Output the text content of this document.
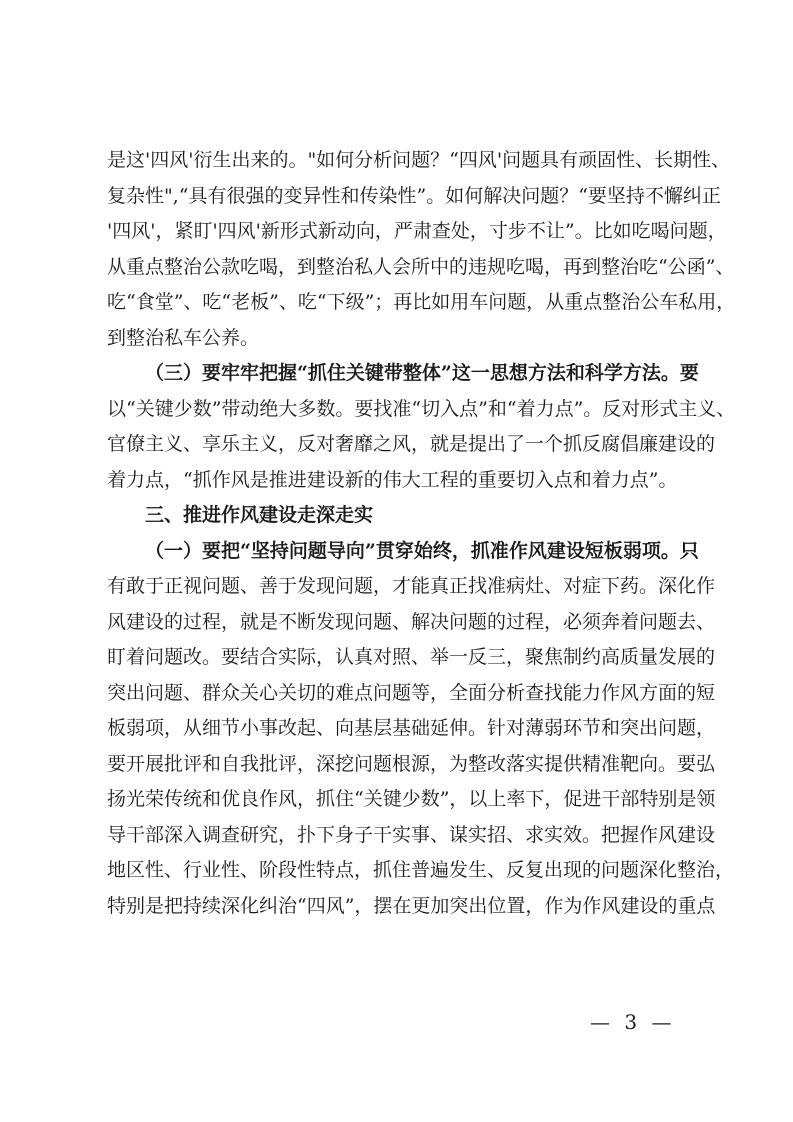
是这'四风'衍生出来的。"如何分析问题？“四风'问题具有顽固性、长期性、
复杂性",“具有很强的变异性和传染性”。如何解决问题？“要坚持不懈纠正
'四风'，紧盯'四风'新形式新动向，严肃查处，寸步不让”。比如吃喝问题，
从重点整治公款吃喝，到整治私人会所中的违规吃喝，再到整治吃“公函”、
吃“食堂”、吃“老板”、吃“下级”；再比如用车问题，从重点整治公车私用，
到整治私车公养。
（三）要牢牢把握“抓住关键带整体”这一思想方法和科学方法。要
以“关键少数”带动绝大多数。要找准“切入点”和“着力点”。反对形式主义、
官僚主义、享乐主义，反对奢靡之风，就是提出了一个抓反腐倡廉建设的
着力点，“抓作风是推进建设新的伟大工程的重要切入点和着力点”。
三、推进作风建设走深走实
（一）要把“坚持问题导向”贯穿始终，抓准作风建设短板弱项。只
有敢于正视问题、善于发现问题，才能真正找准病灶、对症下药。深化作
风建设的过程，就是不断发现问题、解决问题的过程，必须奔着问题去、
盯着问题改。要结合实际，认真对照、举一反三，聚焦制约高质量发展的
突出问题、群众关心关切的难点问题等，全面分析查找能力作风方面的短
板弱项，从细节小事改起、向基层基础延伸。针对薄弱环节和突出问题，
要开展批评和自我批评，深挖问题根源，为整改落实提供精准靶向。要弘
扬光荣传统和优良作风，抓住“关键少数”，以上率下，促进干部特别是领
导干部深入调查研究，扑下身子干实事、谋实招、求实效。把握作风建设
地区性、行业性、阶段性特点，抓住普遍发生、反复出现的问题深化整治，
特别是把持续深化纠治“四风”，摆在更加突出位置，作为作风建设的重点
— 3 —
